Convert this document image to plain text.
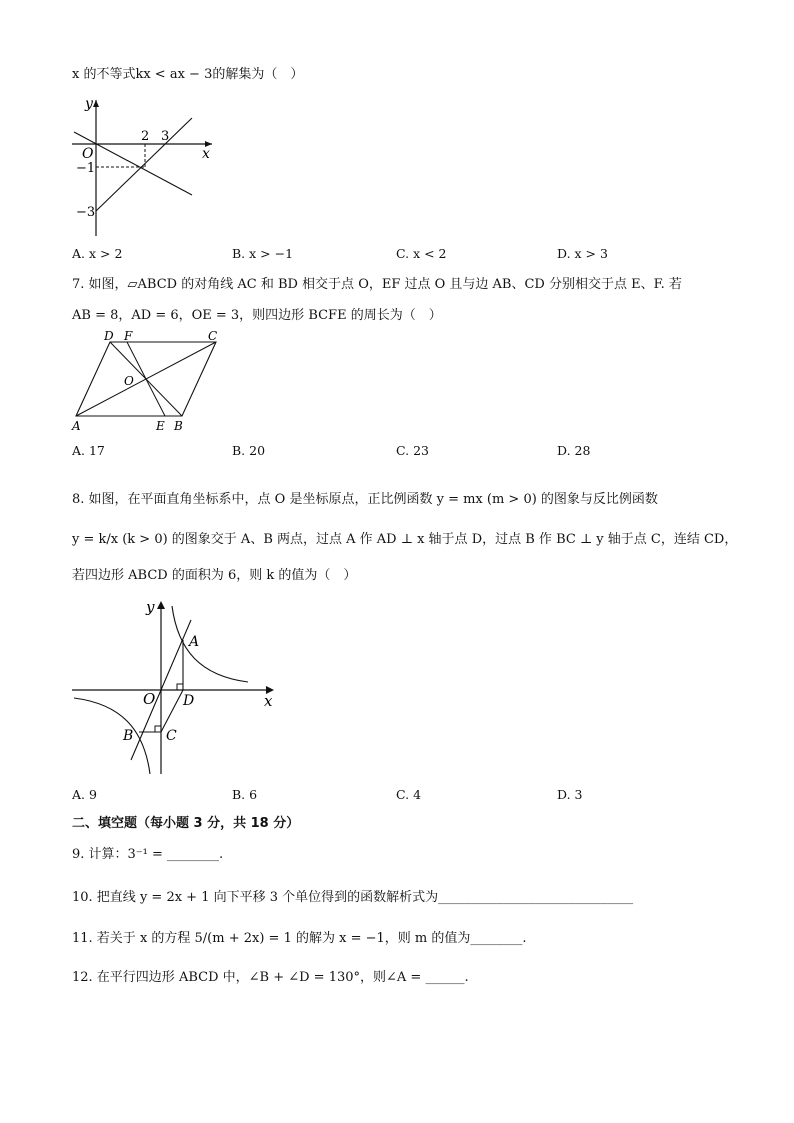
x 的不等式kx < ax − 3的解集为（　）
y
x
O
2 3
−1
−3
A. x > 2	B. x > −1	C. x < 2	D. x > 3
7. 如图，▱ABCD 的对角线 AC 和 BD 相交于点 O，EF 过点 O 且与边 AB、CD 分别相交于点 E、F. 若
AB = 8，AD = 6，OE = 3，则四边形 BCFE 的周长为（　）
D F	C
O
A	E B
A. 17	B. 20	C. 23	D. 28
8. 如图，在平面直角坐标系中，点 O 是坐标原点，正比例函数 y = mx (m > 0) 的图象与反比例函数
y = k/x (k > 0) 的图象交于 A、B 两点，过点 A 作 AD ⊥ x 轴于点 D，过点 B 作 BC ⊥ y 轴于点 C，连结 CD，
若四边形 ABCD 的面积为 6，则 k 的值为（　）
y
x
O
A
D
B C
A. 9	B. 6	C. 4	D. 3
二、填空题（每小题 3 分，共 18 分）
9. 计算：3⁻¹ = ________.
10. 把直线 y = 2x + 1 向下平移 3 个单位得到的函数解析式为______________________________
11. 若关于 x 的方程 5/(m + 2x) = 1 的解为 x = −1，则 m 的值为________.
12. 在平行四边形 ABCD 中，∠B + ∠D = 130°，则∠A = ______.
